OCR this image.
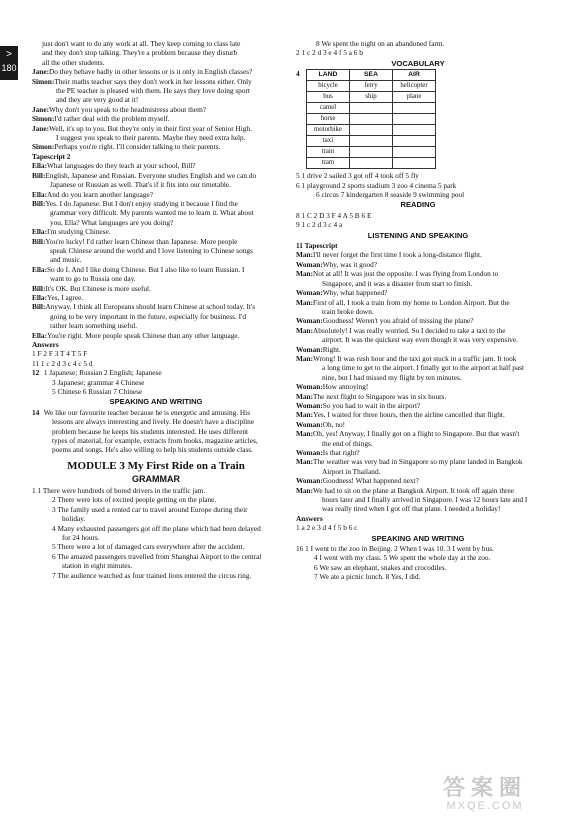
>
180

just don't want to do any work at all. They keep coming to class late

and they don't stop talking. They're a problem because they disturb

all the other students.

Jane:Do they behave badly in other lessons or is it only in English classes?

Simon:Their maths teacher says they don't work in her lessons either. Only

the PE teacher is pleased with them. He says they love doing sport

and they are very good at it!

Jane:Why don't you speak to the headmistress about them?

Simon:I'd rather deal with the problem myself.

Jane:Well, it's up to you. But they're only in their first year of Senior High.

I suggest you speak to their parents. Maybe they need extra help.

Simon:Perhaps you're right. I'll consider talking to their parents.

Tapescript 2

Ella:What languages do they teach at your school, Bill?

Bill:English, Japanese and Russian. Everyone studies English and we can do

Japanese or Russian as well. That's if it fits into our timetable.

Ella:And do you learn another language?

Bill:Yes. I do Japanese. But I don't enjoy studying it because I find the

grammar very difficult. My parents wanted me to learn it. What about

you, Ella? What languages are you doing?

Ella:I'm studying Chinese.

Bill:You're lucky! I'd rather learn Chinese than Japanese. More people

speak Chinese around the world and I love listening to Chinese songs

and music.

Ella:So do I. And I like doing Chinese. But I also like to learn Russian. I

want to go to Russia one day.

Bill:It's OK. But Chinese is more useful.

Ella:Yes, I agree.

Bill:Anyway, I think all Europeans should learn Chinese at school today. It's

going to be very important in the future, especially for business. I'd

rather learn something useful.

Ella:You're right. More people speak Chinese than any other language.

Answers

1 F 2 F 3 T 4 T 5 F

11 1 c 2 d 3 c 4 c 5 d

12 1 Japanese; Russian 2 English; Japanese

3 Japanese; grammar 4 Chinese

5 Chinese 6 Russian 7 Chinese

SPEAKING AND WRITING

14 We like our favourite teacher because he is energetic and amusing. His

lessons are always interesting and lively. He doesn't have a discipline

problem because he keeps his students interested. He uses different

types of material, for example, extracts from books, magazine articles,

poems and songs. He's also willing to help his students outside class.

MODULE 3 My First Ride on a Train

GRAMMAR

1 1 There were hundreds of bored drivers in the traffic jam.

2 There were lots of excited people getting on the plane.

3 The family used a rented car to travel around Europe during their

holiday.

4 Many exhausted passengers got off the plane which had been delayed

for 24 hours.

5 There were a lot of damaged cars everywhere after the accident.

6 The amazed passengers travelled from Shanghai Airport to the central

station in eight minutes.

7 The audience watched as four trained lions entered the circus ring.

8 We spent the night on an abandoned farm.

2 1 c 2 d 3 e 4 f 5 a 6 b

VOCABULARY

4	LAND	SEA	AIR
bicycle	ferry	helicopter
bus	ship	plane
camel		
horse		
motorbike		
taxi		
train		
tram		

5 1 drive 2 sailed 3 got off 4 took off 5 fly

6 1 playground 2 sports stadium 3 zoo 4 cinema 5 park

6 circus 7 kindergarten 8 seaside 9 swimming pool

READING

8 1 C 2 D 3 F 4 A 5 B 6 E

9 1 c 2 d 3 c 4 a

LISTENING AND SPEAKING

11 Tapescript

Man:I'll never forget the first time I took a long-distance flight.

Woman:Why, was it good?

Man:Not at all! It was just the opposite. I was flying from London to

Singapore, and it was a disaster from start to finish.

Woman:Why, what happened?

Man:First of all, I took a train from my home to London Airport. But the

train broke down.

Woman:Goodness! Weren't you afraid of missing the plane?

Man:Absolutely! I was really worried. So I decided to take a taxi to the

airport. It was the quickest way even though it was very expensive.

Woman:Right.

Man:Wrong! It was rush hour and the taxi got stuck in a traffic jam. It took

a long time to get to the airport. I finally got to the airport at half past

nine, but I had missed my flight by ten minutes.

Woman:How annoying!

Man:The next flight to Singapore was in six hours.

Woman:So you had to wait in the airport?

Man:Yes, I waited for three hours, then the airline cancelled that flight.

Woman:Oh, no!

Man:Oh, yes! Anyway, I finally got on a flight to Singapore. But that wasn't

the end of things.

Woman:Is that right?

Man:The weather was very bad in Singapore so my plane landed in Bangkok

Airport in Thailand.

Woman:Goodness! What happened next?

Man:We had to sit on the plane at Bangkok Airport. It took off again three

hours later and I finally arrived in Singapore. I was 12 hours late and I

was really tired when I got off that plane. I needed a holiday!

Answers

1 a 2 e 3 d 4 f 5 b 6 c

SPEAKING AND WRITING

16 1 I went to the zoo in Beijing. 2 When I was 10. 3 I went by bus.

4 I went with my class. 5 We spent the whole day at the zoo.

6 We saw an elephant, snakes and crocodiles.

7 We ate a picnic lunch. 8 Yes, I did.

答案圈
MXQE.COM
